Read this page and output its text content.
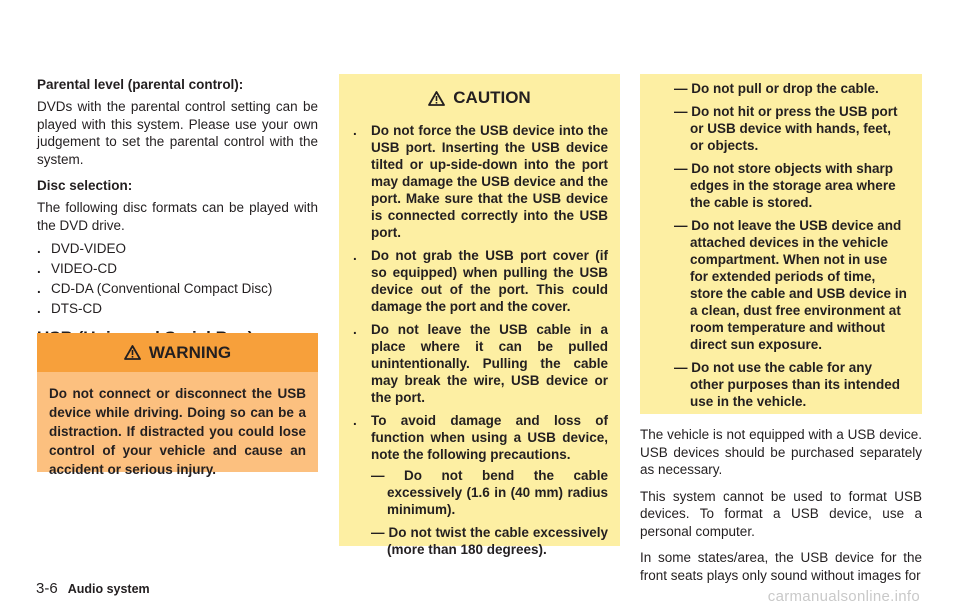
Parental level (parental control):

DVDs with the parental control setting can be played with this system. Please use your own judgement to set the parental control with the system.

Disc selection:

The following disc formats can be played with the DVD drive.

. DVD-VIDEO
. VIDEO-CD
. CD-DA (Conventional Compact Disc)
. DTS-CD
WARNING

Do not connect or disconnect the USB device while driving. Doing so can be a distraction. If distracted you could lose control of your vehicle and cause an accident or serious injury.

CAUTION
. Do not force the USB device into the USB port. Inserting the USB device tilted or up-side-down into the port may damage the USB device and the port. Make sure that the USB device is connected correctly into the USB port.
. Do not grab the USB port cover (if so equipped) when pulling the USB device out of the port. This could damage the port and the cover.
. Do not leave the USB cable in a place where it can be pulled unintentionally. Pulling the cable may break the wire, USB device or the port.
. To avoid damage and loss of function when using a USB device, note the following precautions.
— Do not bend the cable excessively (1.6 in (40 mm) radius minimum).
— Do not twist the cable excessively (more than 180 degrees).
— Do not pull or drop the cable.
— Do not hit or press the USB port or USB device with hands, feet, or objects.
— Do not store objects with sharp edges in the storage area where the cable is stored.
— Do not leave the USB device and attached devices in the vehicle compartment. When not in use for extended periods of time, store the cable and USB device in a clean, dust free environment at room temperature and without direct sun exposure.
— Do not use the cable for any other purposes than its intended use in the vehicle.

The vehicle is not equipped with a USB device. USB devices should be purchased separately as necessary.

This system cannot be used to format USB devices. To format a USB device, use a personal computer.

In some states/area, the USB device for the front seats plays only sound without images for

3-6 Audio system	carmanualsonline.info
